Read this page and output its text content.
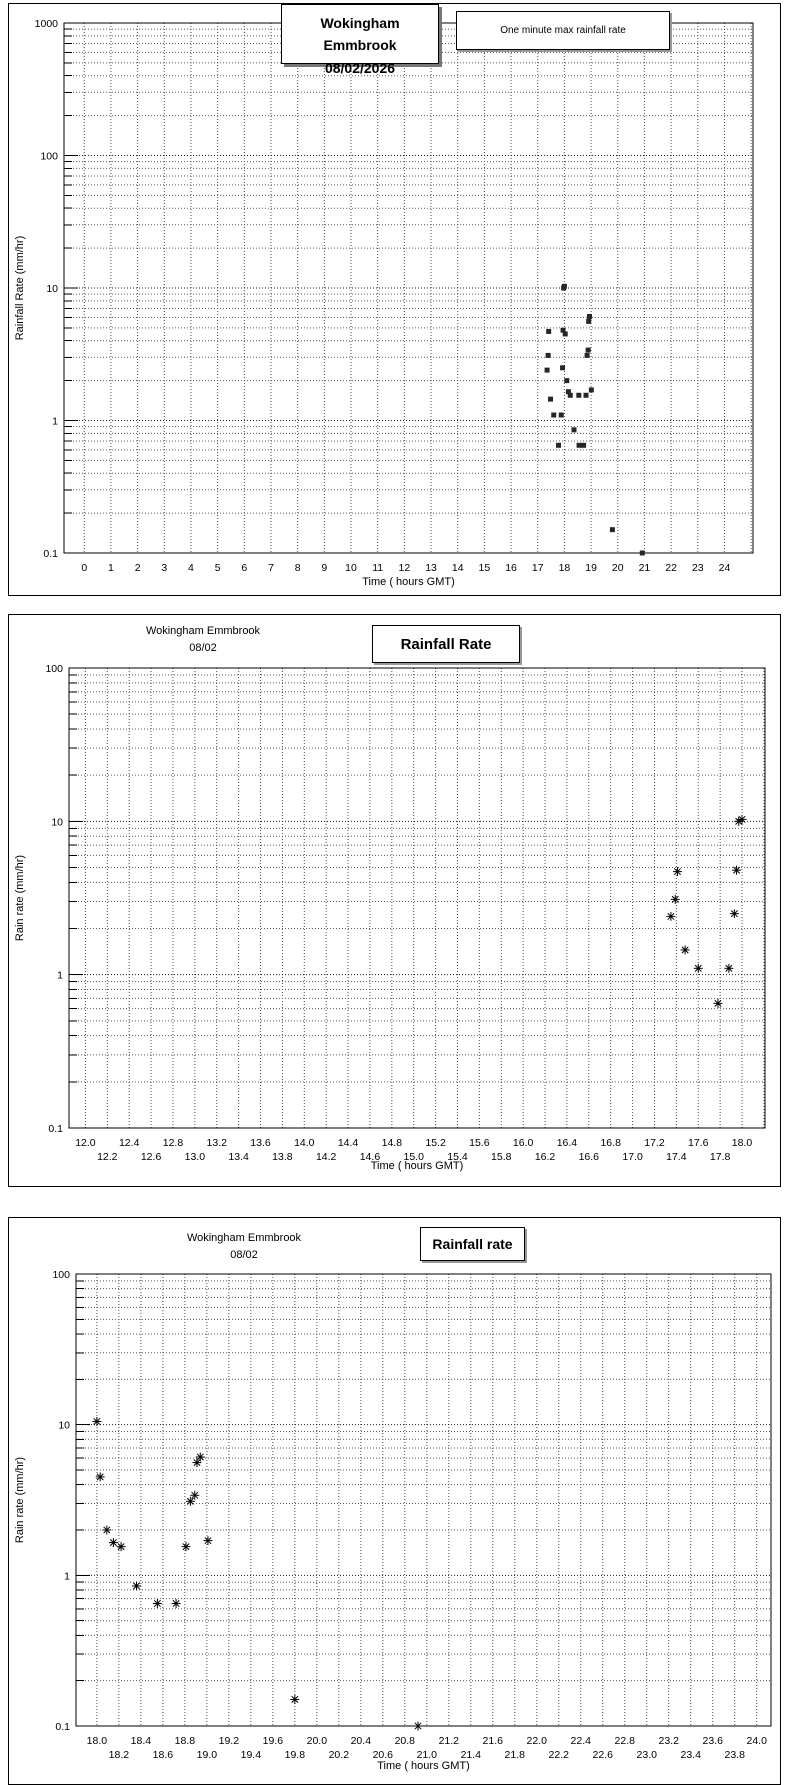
0.1
1
10
100
1000
0 1 2 3 4 5 6 7 8 9 10 11 12 13 14 15 16 17 18 19 20 21 22 23 24
Rainfall Rate (mm/hr)
Wokingham Emmbrook
08/02/2026
One minute max rainfall rate
Time ( hours GMT)
0.1
1
10
100
12.0 12.4 12.8 13.2 13.6 14.0 14.4 14.8 15.2 15.6 16.0 16.4 16.8 17.2 17.6 18.0
12.2 12.6 13.0 13.4 13.8 14.2 14.6 15.0 15.4 15.8 16.2 16.6 17.0 17.4 17.8
Rain rate (mm/hr)
Wokingham Emmbrook
08/02	Rainfall Rate
Time ( hours GMT)
0.1
1
10
100
18.0 18.4 18.8 19.2 19.6 20.0 20.4 20.8 21.2 21.6 22.0 22.4 22.8 23.2 23.6 24.0
18.2 18.6 19.0 19.4 19.8 20.2 20.6 21.0 21.4 21.8 22.2 22.6 23.0 23.4 23.8
Rain rate (mm/hr)
Wokingham Emmbrook
08/02
Rainfall rate
Time ( hours GMT)
